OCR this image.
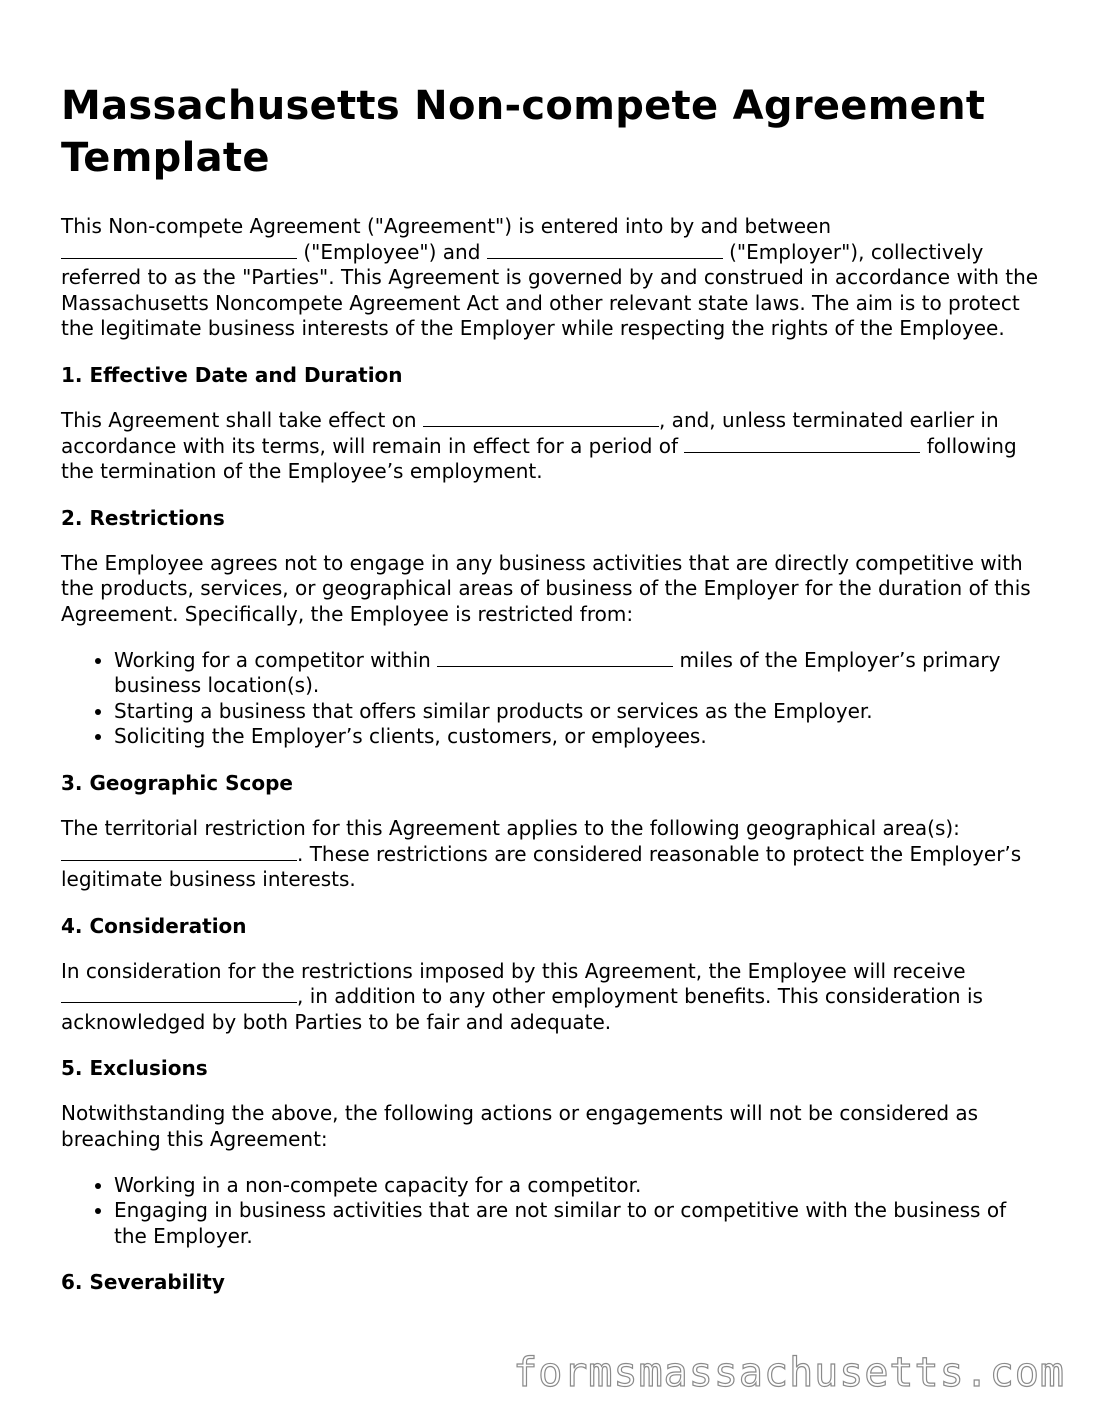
Massachusetts Non-compete Agreement Template

This Non-compete Agreement ("Agreement") is entered into by and between
("Employee") and	("Employer"), collectively referred to as the "Parties". This Agreement is governed by and construed in accordance with the Massachusetts Noncompete Agreement Act and other relevant state laws. The aim is to protect the legitimate business interests of the Employer while respecting the rights of the Employee.

1. Effective Date and Duration

This Agreement shall take effect on	, and, unless terminated earlier in accordance with its terms, will remain in effect for a period of	following the termination of the Employee’s employment.

2. Restrictions

The Employee agrees not to engage in any business activities that are directly competitive with the products, services, or geographical areas of business of the Employer for the duration of this Agreement. Specifically, the Employee is restricted from:

• Working for a competitor within	miles of the Employer’s primary business location(s).
• Starting a business that offers similar products or services as the Employer.
• Soliciting the Employer’s clients, customers, or employees.
3. Geographic Scope

The territorial restriction for this Agreement applies to the following geographical area(s): . These restrictions are considered reasonable to protect the Employer’s legitimate business interests.

4. Consideration

In consideration for the restrictions imposed by this Agreement, the Employee will receive , in addition to any other employment benefits. This consideration is acknowledged by both Parties to be fair and adequate.

5. Exclusions

Notwithstanding the above, the following actions or engagements will not be considered as breaching this Agreement:

• Working in a non-compete capacity for a competitor.
• Engaging in business activities that are not similar to or competitive with the business of the Employer.
6. Severability
formsmassachusetts.com
